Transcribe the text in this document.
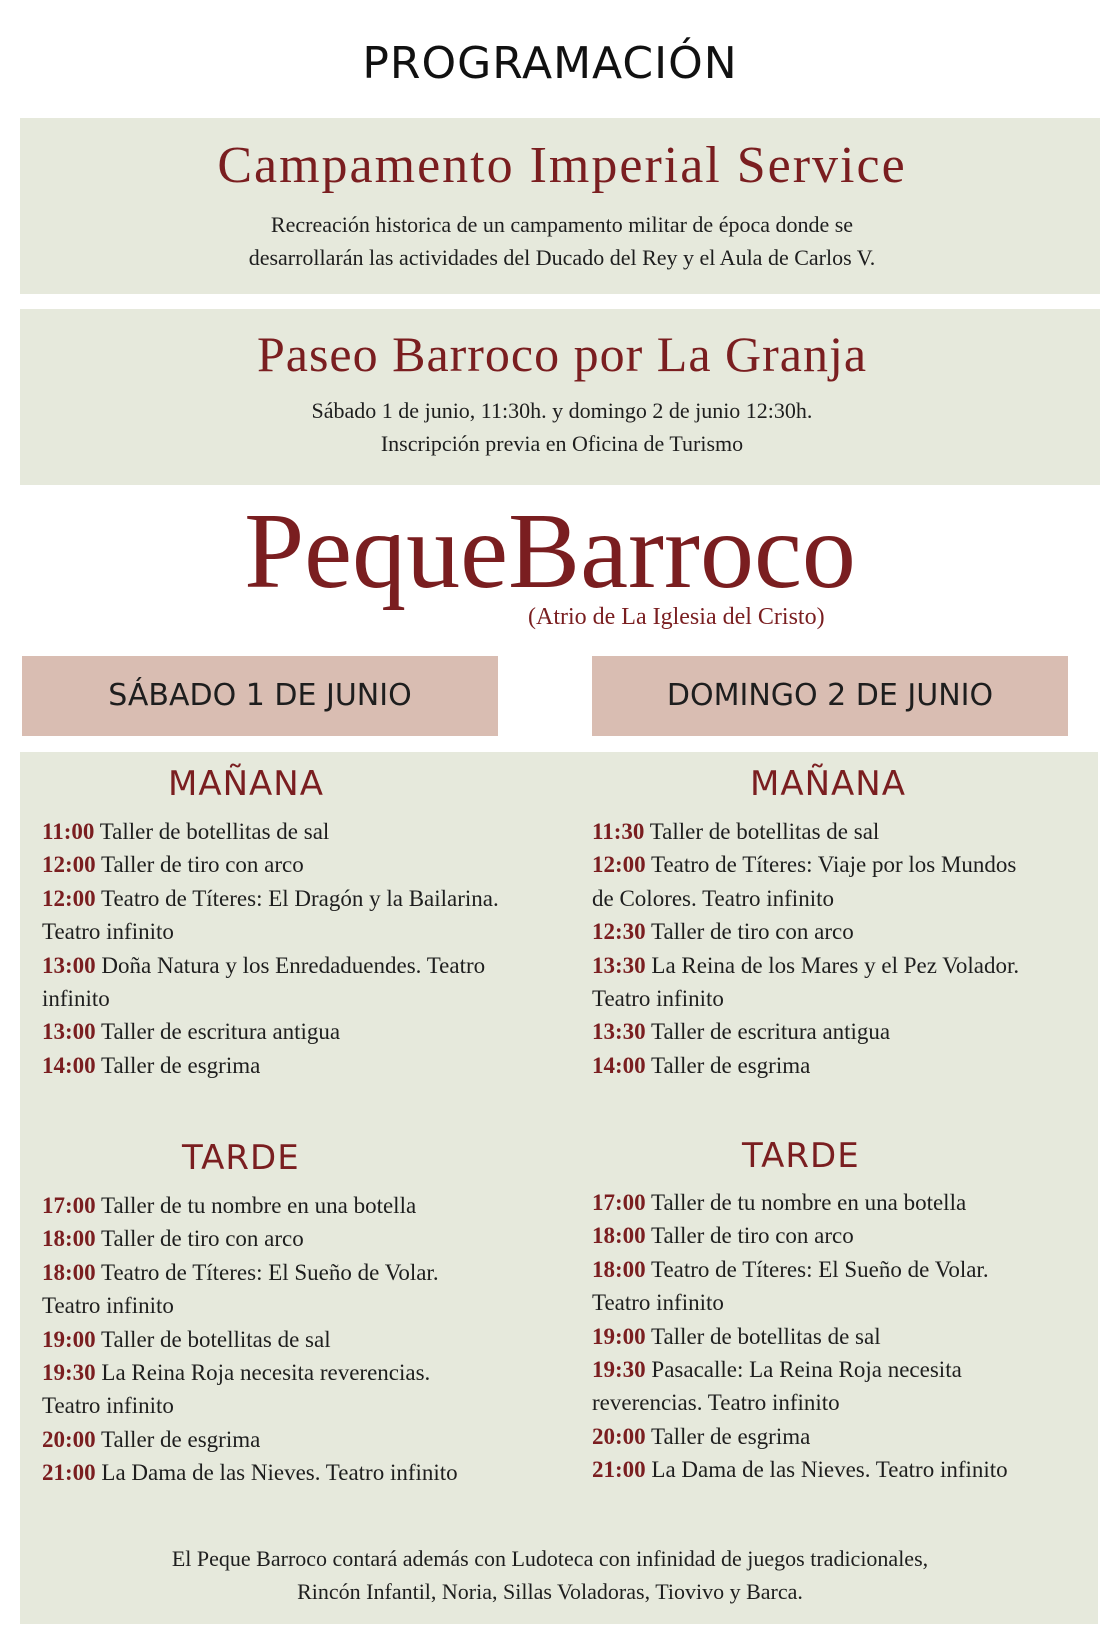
PROGRAMACIÓN
Campamento Imperial Service
Recreación historica de un campamento militar de época donde se
desarrollarán las actividades del Ducado del Rey y el Aula de Carlos V.
Paseo Barroco por La Granja
Sábado 1 de junio, 11:30h. y domingo 2 de junio 12:30h.
Inscripción previa en Oficina de Turismo
PequeBarroco
(Atrio de La Iglesia del Cristo)
SÁBADO 1 DE JUNIO	DOMINGO 2 DE JUNIO
MAÑANA
11:00 Taller de botellitas de sal
12:00 Taller de tiro con arco
12:00 Teatro de Títeres: El Dragón y la Bailarina.
Teatro infinito
13:00 Doña Natura y los Enredaduendes. Teatro
infinito
13:00 Taller de escritura antigua
14:00 Taller de esgrima
TARDE
17:00 Taller de tu nombre en una botella
18:00 Taller de tiro con arco
18:00 Teatro de Títeres: El Sueño de Volar.
Teatro infinito
19:00 Taller de botellitas de sal
19:30 La Reina Roja necesita reverencias.
Teatro infinito
20:00 Taller de esgrima
21:00 La Dama de las Nieves. Teatro infinito
MAÑANA
11:30 Taller de botellitas de sal
12:00 Teatro de Títeres: Viaje por los Mundos
de Colores. Teatro infinito
12:30 Taller de tiro con arco
13:30 La Reina de los Mares y el Pez Volador.
Teatro infinito
13:30 Taller de escritura antigua
14:00 Taller de esgrima
TARDE
17:00 Taller de tu nombre en una botella
18:00 Taller de tiro con arco
18:00 Teatro de Títeres: El Sueño de Volar.
Teatro infinito
19:00 Taller de botellitas de sal
19:30 Pasacalle: La Reina Roja necesita
reverencias. Teatro infinito
20:00 Taller de esgrima
21:00 La Dama de las Nieves. Teatro infinito
El Peque Barroco contará además con Ludoteca con infinidad de juegos tradicionales,
Rincón Infantil, Noria, Sillas Voladoras, Tiovivo y Barca.
